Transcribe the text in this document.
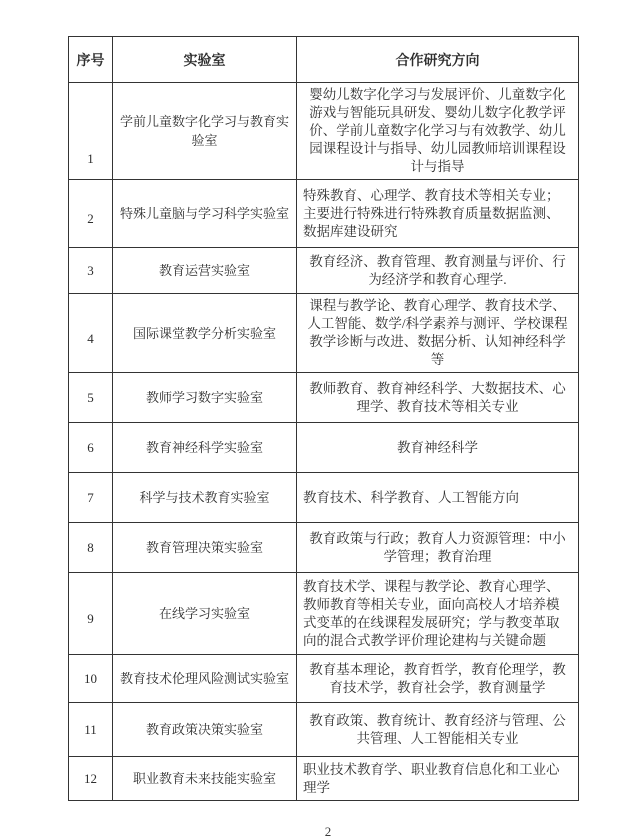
序号	实验室	合作研究方向
1	学前儿童数字化学习与教育实验室	婴幼儿数字化学习与发展评价、儿童数字化游戏与智能玩具研发、婴幼儿数字化教学评价、学前儿童数字化学习与有效教学、幼儿园课程设计与指导、幼儿园教师培训课程设计与指导
2	特殊儿童脑与学习科学实验室	特殊教育、心理学、教育技术等相关专业；主要进行特殊进行特殊教育质量数据监测、数据库建设研究
3	教育运营实验室	教育经济、教育管理、教育测量与评价、行为经济学和教育心理学.
4	国际课堂教学分析实验室	课程与教学论、教育心理学、教育技术学、人工智能、数学/科学素养与测评、学校课程教学诊断与改进、数据分析、认知神经科学等
5	教师学习数字实验室	教师教育、教育神经科学、大数据技术、心理学、教育技术等相关专业
6	教育神经科学实验室	教育神经科学
7	科学与技术教育实验室	教育技术、科学教育、人工智能方向
8	教育管理决策实验室	教育政策与行政；教育人力资源管理：中小学管理；教育治理
9	在线学习实验室	教育技术学、课程与教学论、教育心理学、教师教育等相关专业，面向高校人才培养模式变革的在线课程发展研究；学与教变革取向的混合式教学评价理论建构与关键命题
10	教育技术伦理风险测试实验室	教育基本理论，教育哲学，教育伦理学，教育技术学，教育社会学，教育测量学
11	教育政策决策实验室	教育政策、教育统计、教育经济与管理、公共管理、人工智能相关专业
12	职业教育未来技能实验室	职业技术教育学、职业教育信息化和工业心理学
2
